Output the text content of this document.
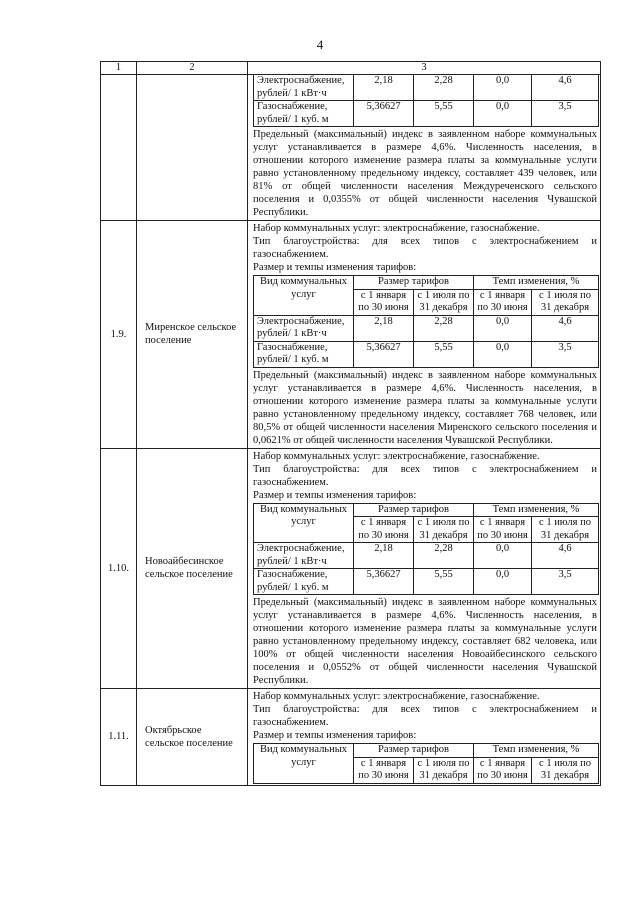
4
1	2	3

Электроснабжение,
рублей/ 1 кВт·ч	2,18	2,28	0,0	4,6
Газоснабжение,
рублей/ 1 куб. м	5,36627	5,55	0,0	3,5
Предельный (максимальный) индекс в заявленном наборе коммунальных услуг устанавливается в размере 4,6%. Численность населения, в отношении которого изменение размера платы за коммунальные услуги равно установленному предельному индексу, составляет 439 человек, или 81% от общей численности населения Междуреченского сельского поселения и 0,0355% от общей численности населения Чувашской Республики.

1.9.	Миренское сельское поселение	
Набор коммунальных услуг: электроснабжение, газоснабжение.
Тип благоустройства: для всех типов с электроснабжением и газоснабжением.
Размер и темпы изменения тарифов:
Вид коммунальных услуг	Размер тарифов	Темп изменения, %
с 1 января по 30 июня	с 1 июля по 31 декабря	с 1 января по 30 июня	с 1 июля по 31 декабря
Электроснабжение, рублей/ 1 кВт·ч	2,18	2,28	0,0	4,6
Газоснабжение, рублей/ 1 куб. м	5,36627	5,55	0,0	3,5
Предельный (максимальный) индекс в заявленном наборе коммунальных услуг устанавливается в размере 4,6%. Численность населения, в отношении которого изменение размера платы за коммунальные услуги равно установленному предельному индексу, составляет 768 человек, или 80,5% от общей численности населения Миренского сельского поселения и 0,0621% от общей численности населения Чувашской Республики.

1.10.	Новоайбесинское сельское поселение	
Набор коммунальных услуг: электроснабжение, газоснабжение.
Тип благоустройства: для всех типов с электроснабжением и газоснабжением.
Размер и темпы изменения тарифов:
Вид коммунальных услуг	Размер тарифов	Темп изменения, %
с 1 января по 30 июня	с 1 июля по 31 декабря	с 1 января по 30 июня	с 1 июля по 31 декабря
Электроснабжение, рублей/ 1 кВт·ч	2,18	2,28	0,0	4,6
Газоснабжение, рублей/ 1 куб. м	5,36627	5,55	0,0	3,5
Предельный (максимальный) индекс в заявленном наборе коммунальных услуг устанавливается в размере 4,6%. Численность населения, в отношении которого изменение размера платы за коммунальные услуги равно установленному предельному индексу, составляет 682 человека, или 100% от общей численности населения Новоайбесинского сельского поселения и 0,0552% от общей численности населения Чувашской Республики.

1.11.	Октябрьское сельское поселение	
Набор коммунальных услуг: электроснабжение, газоснабжение.
Тип благоустройства: для всех типов с электроснабжением и газоснабжением.
Размер и темпы изменения тарифов:
Вид коммунальных услуг	Размер тарифов	Темп изменения, %
с 1 января по 30 июня	с 1 июля по 31 декабря	с 1 января по 30 июня	с 1 июля по 31 декабря
